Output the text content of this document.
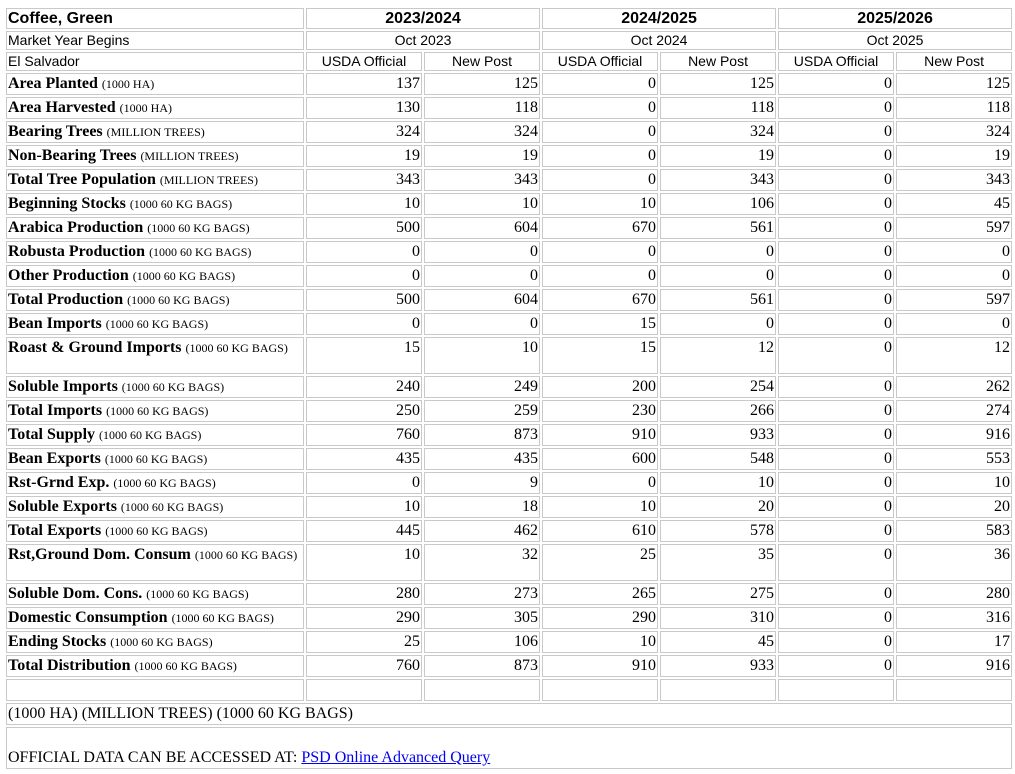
Coffee, Green	2023/2024		2024/2025		2025/2026	
Market Year Begins	Oct 2023		Oct 2024		Oct 2025	
El Salvador	USDA Official	New Post	USDA Official	New Post	USDA Official	New Post
Area Planted (1000 HA)	137	125	0	125	0	125
Area Harvested (1000 HA)	130	118	0	118	0	118
Bearing Trees (MILLION TREES)	324	324	0	324	0	324
Non-Bearing Trees (MILLION TREES)	19	19	0	19	0	19
Total Tree Population (MILLION TREES)	343	343	0	343	0	343
Beginning Stocks (1000 60 KG BAGS)	10	10	10	106	0	45
Arabica Production (1000 60 KG BAGS)	500	604	670	561	0	597
Robusta Production (1000 60 KG BAGS)	0	0	0	0	0	0
Other Production (1000 60 KG BAGS)	0	0	0	0	0	0
Total Production (1000 60 KG BAGS)	500	604	670	561	0	597
Bean Imports (1000 60 KG BAGS)	0	0	15	0	0	0
Roast & Ground Imports (1000 60 KG BAGS)	15	10	15	12	0	12
Soluble Imports (1000 60 KG BAGS)	240	249	200	254	0	262
Total Imports (1000 60 KG BAGS)	250	259	230	266	0	274
Total Supply (1000 60 KG BAGS)	760	873	910	933	0	916
Bean Exports (1000 60 KG BAGS)	435	435	600	548	0	553
Rst-Grnd Exp. (1000 60 KG BAGS)	0	9	0	10	0	10
Soluble Exports (1000 60 KG BAGS)	10	18	10	20	0	20
Total Exports (1000 60 KG BAGS)	445	462	610	578	0	583
Rst,Ground Dom. Consum (1000 60 KG BAGS)	10	32	25	35	0	36
Soluble Dom. Cons. (1000 60 KG BAGS)	280	273	265	275	0	280
Domestic Consumption (1000 60 KG BAGS)	290	305	290	310	0	316
Ending Stocks (1000 60 KG BAGS)	25	106	10	45	0	17
Total Distribution (1000 60 KG BAGS)	760	873	910	933	0	916

(1000 HA) (MILLION TREES) (1000 60 KG BAGS)						
OFFICIAL DATA CAN BE ACCESSED AT: PSD Online Advanced Query						
